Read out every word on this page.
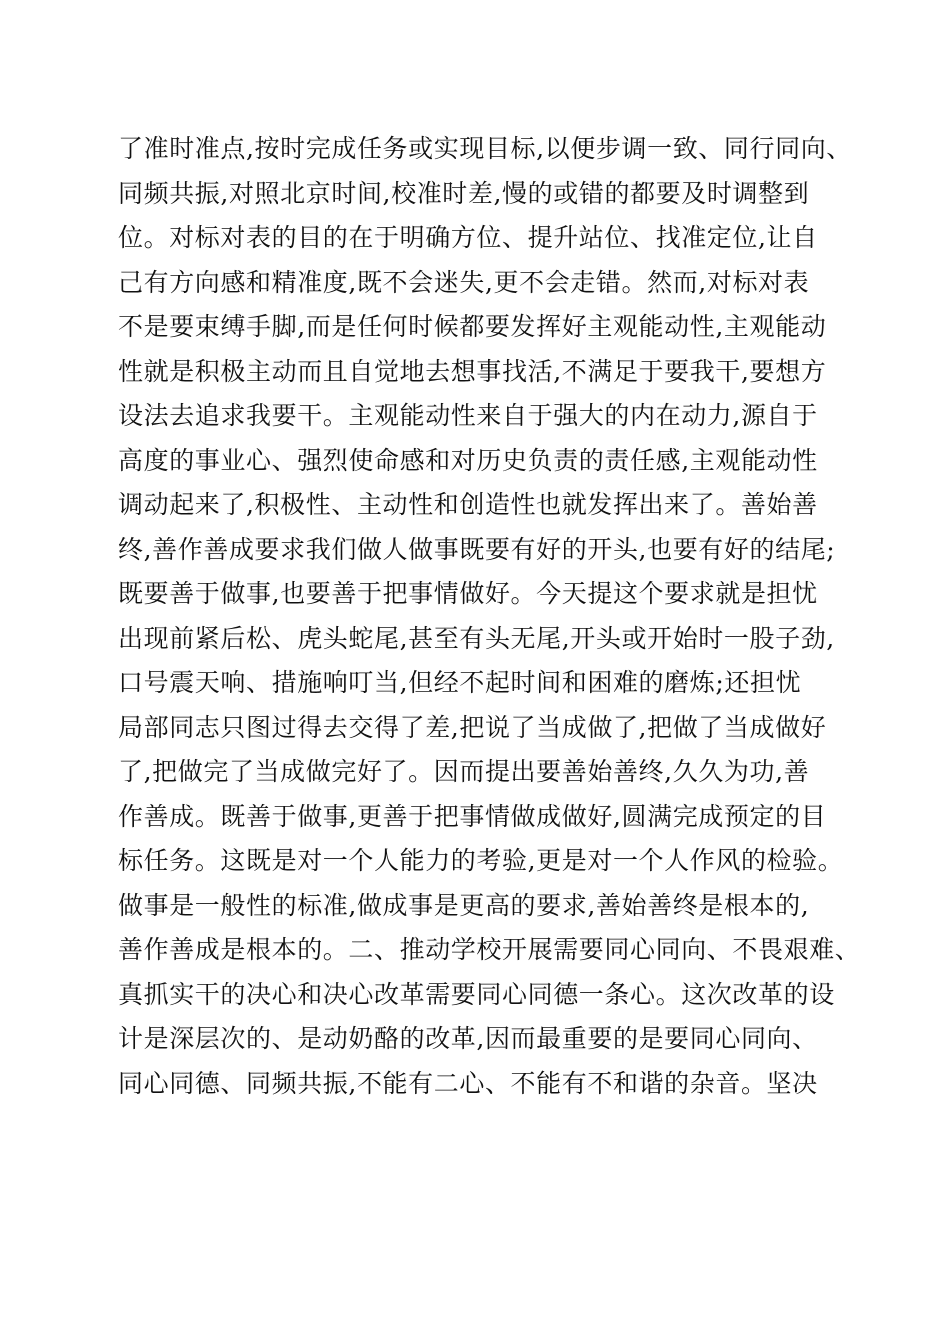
了准时准点,按时完成任务或实现目标,以便步调一致、同行同向、
同频共振,对照北京时间,校准时差,慢的或错的都要及时调整到
位。对标对表的目的在于明确方位、提升站位、找准定位,让自
己有方向感和精准度,既不会迷失,更不会走错。然而,对标对表
不是要束缚手脚,而是任何时候都要发挥好主观能动性,主观能动
性就是积极主动而且自觉地去想事找活,不满足于要我干,要想方
设法去追求我要干。主观能动性来自于强大的内在动力,源自于
高度的事业心、强烈使命感和对历史负责的责任感,主观能动性
调动起来了,积极性、主动性和创造性也就发挥出来了。善始善
终,善作善成要求我们做人做事既要有好的开头,也要有好的结尾;
既要善于做事,也要善于把事情做好。今天提这个要求就是担忧
出现前紧后松、虎头蛇尾,甚至有头无尾,开头或开始时一股子劲,
口号震天响、措施响叮当,但经不起时间和困难的磨炼;还担忧
局部同志只图过得去交得了差,把说了当成做了,把做了当成做好
了,把做完了当成做完好了。因而提出要善始善终,久久为功,善
作善成。既善于做事,更善于把事情做成做好,圆满完成预定的目
标任务。这既是对一个人能力的考验,更是对一个人作风的检验。
做事是一般性的标准,做成事是更高的要求,善始善终是根本的,
善作善成是根本的。二、推动学校开展需要同心同向、不畏艰难、
真抓实干的决心和决心改革需要同心同德一条心。这次改革的设
计是深层次的、是动奶酪的改革,因而最重要的是要同心同向、
同心同德、同频共振,不能有二心、不能有不和谐的杂音。坚决
